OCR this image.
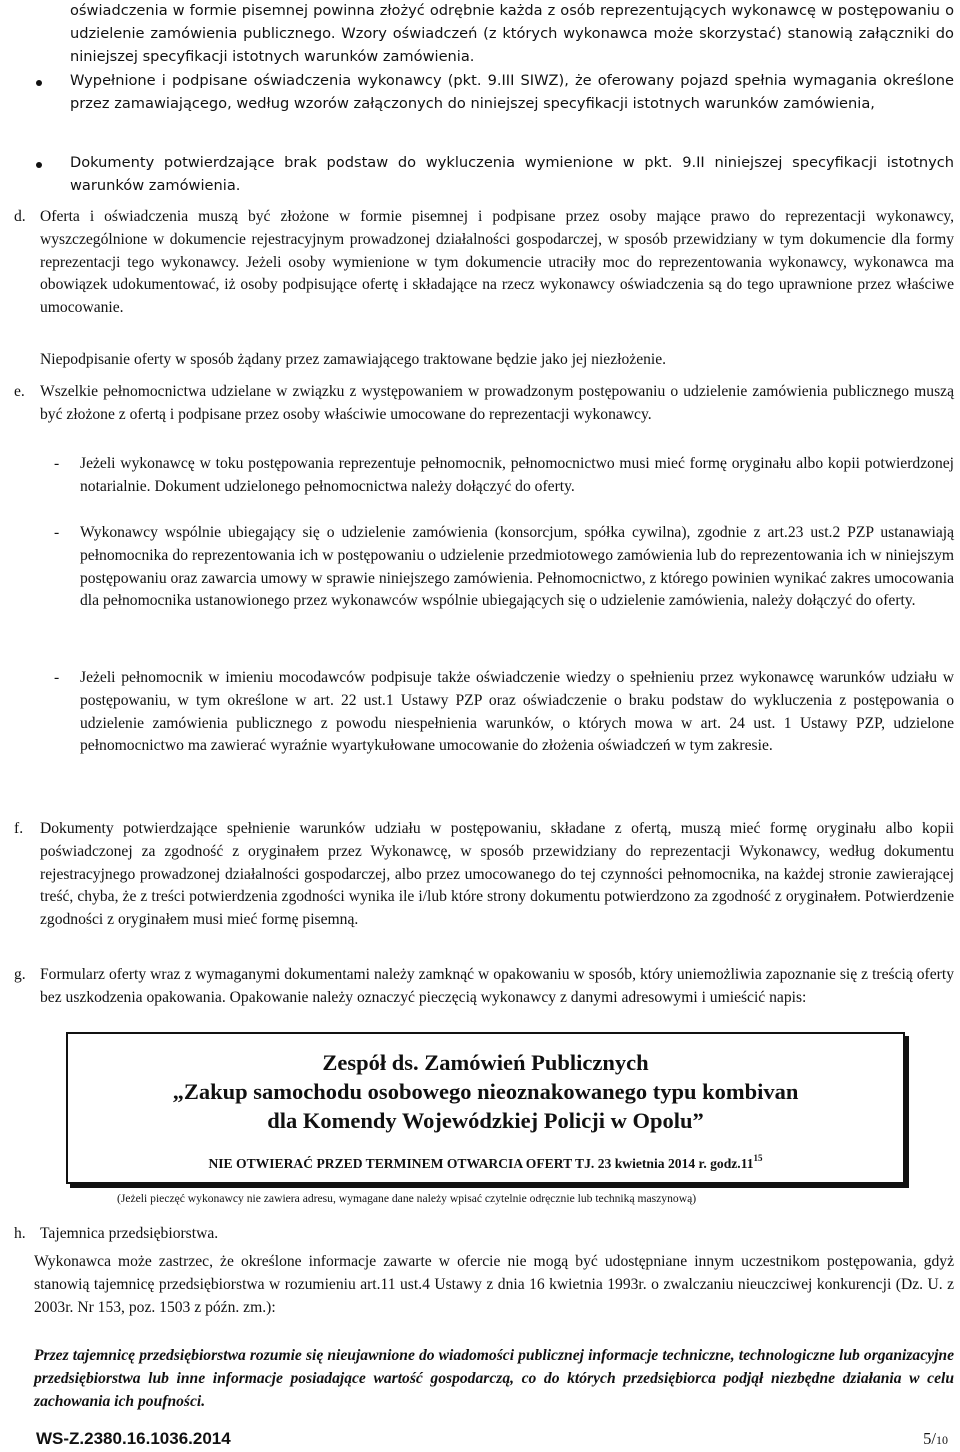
oświadczenia w formie pisemnej powinna złożyć odrębnie każda z osób reprezentujących wykonawcę w postępowaniu o udzielenie zamówienia publicznego. Wzory oświadczeń (z których wykonawca może skorzystać) stanowią załączniki do niniejszej specyfikacji istotnych warunków zamówienia.

Wypełnione i podpisane oświadczenia wykonawcy (pkt. 9.III SIWZ), że oferowany pojazd spełnia wymagania określone przez zamawiającego, według wzorów załączonych do niniejszej specyfikacji istotnych warunków zamówienia,

Dokumenty potwierdzające brak podstaw do wykluczenia wymienione w pkt. 9.II niniejszej specyfikacji istotnych warunków zamówienia.

d. Oferta i oświadczenia muszą być złożone w formie pisemnej i podpisane przez osoby mające prawo do reprezentacji wykonawcy, wyszczególnione w dokumencie rejestracyjnym prowadzonej działalności gospodarczej, w sposób przewidziany w tym dokumencie dla formy reprezentacji tego wykonawcy. Jeżeli osoby wymienione w tym dokumencie utraciły moc do reprezentowania wykonawcy, wykonawca ma obowiązek udokumentować, iż osoby podpisujące ofertę i składające na rzecz wykonawcy oświadczenia są do tego uprawnione przez właściwe umocowanie.

Niepodpisanie oferty w sposób żądany przez zamawiającego traktowane będzie jako jej niezłożenie.

e. Wszelkie pełnomocnictwa udzielane w związku z występowaniem w prowadzonym postępowaniu o udzielenie zamówienia publicznego muszą być złożone z ofertą i podpisane przez osoby właściwie umocowane do reprezentacji wykonawcy.

- Jeżeli wykonawcę w toku postępowania reprezentuje pełnomocnik, pełnomocnictwo musi mieć formę oryginału albo kopii potwierdzonej notarialnie. Dokument udzielonego pełnomocnictwa należy dołączyć do oferty.

- Wykonawcy wspólnie ubiegający się o udzielenie zamówienia (konsorcjum, spółka cywilna), zgodnie z art.23 ust.2 PZP ustanawiają pełnomocnika do reprezentowania ich w postępowaniu o udzielenie przedmiotowego zamówienia lub do reprezentowania ich w niniejszym postępowaniu oraz zawarcia umowy w sprawie niniejszego zamówienia. Pełnomocnictwo, z którego powinien wynikać zakres umocowania dla pełnomocnika ustanowionego przez wykonawców wspólnie ubiegających się o udzielenie zamówienia, należy dołączyć do oferty.

- Jeżeli pełnomocnik w imieniu mocodawców podpisuje także oświadczenie wiedzy o spełnieniu przez wykonawcę warunków udziału w postępowaniu, w tym określone w art. 22 ust.1 Ustawy PZP oraz oświadczenie o braku podstaw do wykluczenia z postępowania o udzielenie zamówienia publicznego z powodu niespełnienia warunków, o których mowa w art. 24 ust. 1 Ustawy PZP, udzielone pełnomocnictwo ma zawierać wyraźnie wyartykułowane umocowanie do złożenia oświadczeń w tym zakresie.

f. Dokumenty potwierdzające spełnienie warunków udziału w postępowaniu, składane z ofertą, muszą mieć formę oryginału albo kopii poświadczonej za zgodność z oryginałem przez Wykonawcę, w sposób przewidziany do reprezentacji Wykonawcy, według dokumentu rejestracyjnego prowadzonej działalności gospodarczej, albo przez umocowanego do tej czynności pełnomocnika, na każdej stronie zawierającej treść, chyba, że z treści potwierdzenia zgodności wynika ile i/lub które strony dokumentu potwierdzono za zgodność z oryginałem. Potwierdzenie zgodności z oryginałem musi mieć formę pisemną.

g. Formularz oferty wraz z wymaganymi dokumentami należy zamknąć w opakowaniu w sposób, który uniemożliwia zapoznanie się z treścią oferty bez uszkodzenia opakowania. Opakowanie należy oznaczyć pieczęcią wykonawcy z danymi adresowymi i umieścić napis:

Zespół ds. Zamówień Publicznych
„Zakup samochodu osobowego nieoznakowanego typu kombivan
dla Komendy Wojewódzkiej Policji w Opolu”
NIE OTWIERAĆ PRZED TERMINEM OTWARCIA OFERT TJ. 23 kwietnia 2014 r. $godz.11^{15}$
(Jeżeli pieczęć wykonawcy nie zawiera adresu, wymagane dane należy wpisać czytelnie odręcznie lub techniką maszynową)
h. Tajemnica przedsiębiorstwa.

Wykonawca może zastrzec, że określone informacje zawarte w ofercie nie mogą być udostępniane innym uczestnikom postępowania, gdyż stanowią tajemnicę przedsiębiorstwa w rozumieniu art.11 ust.4 Ustawy z dnia 16 kwietnia 1993r. o zwalczaniu nieuczciwej konkurencji (Dz. U. z 2003r. Nr 153, poz. 1503 z późn. zm.):

Przez tajemnicę przedsiębiorstwa rozumie się nieujawnione do wiadomości publicznej informacje techniczne, technologiczne lub organizacyjne przedsiębiorstwa lub inne informacje posiadające wartość gospodarczą, co do których przedsiębiorca podjął niezbędne działania w celu zachowania ich poufności.

WS-Z.2380.16.1036.2014	5/10
